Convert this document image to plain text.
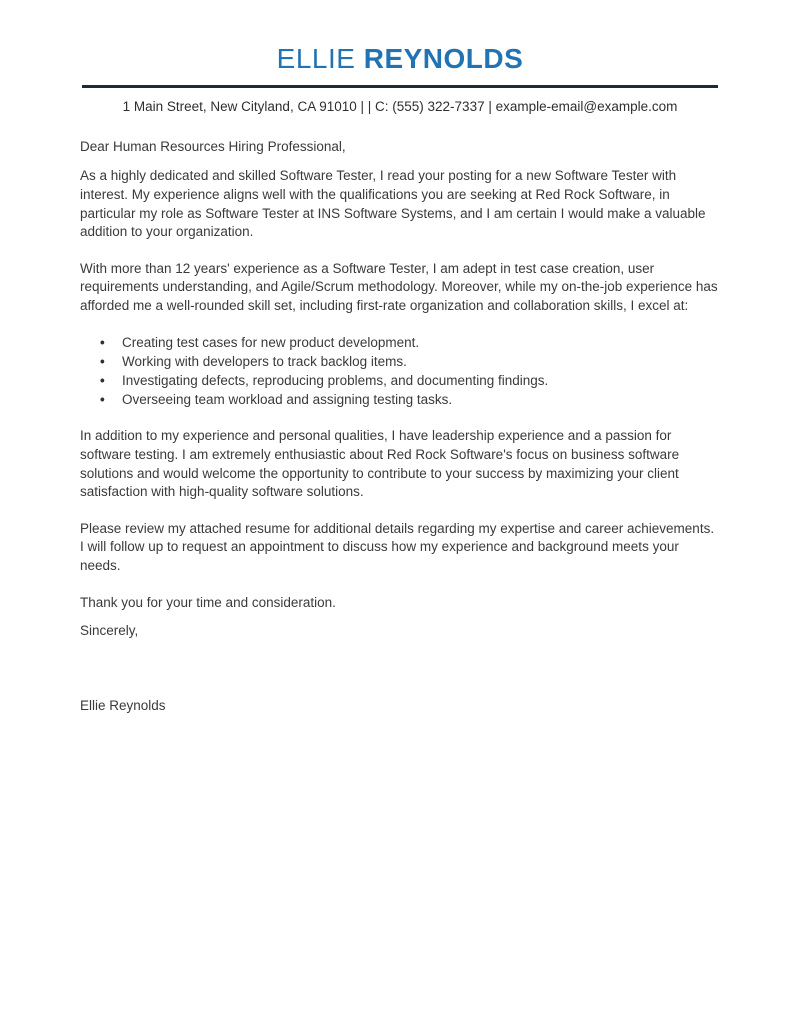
ELLIE REYNOLDS
1 Main Street, New Cityland, CA 91010 | | C: (555) 322-7337 | example-email@example.com

Dear Human Resources Hiring Professional,

As a highly dedicated and skilled Software Tester, I read your posting for a new Software Tester with interest. My experience aligns well with the qualifications you are seeking at Red Rock Software, in particular my role as Software Tester at INS Software Systems, and I am certain I would make a valuable addition to your organization.

With more than 12 years' experience as a Software Tester, I am adept in test case creation, user requirements understanding, and Agile/Scrum methodology. Moreover, while my on-the-job experience has afforded me a well-rounded skill set, including first-rate organization and collaboration skills, I excel at:

• Creating test cases for new product development.
• Working with developers to track backlog items.
• Investigating defects, reproducing problems, and documenting findings.
• Overseeing team workload and assigning testing tasks.

In addition to my experience and personal qualities, I have leadership experience and a passion for software testing. I am extremely enthusiastic about Red Rock Software's focus on business software solutions and would welcome the opportunity to contribute to your success by maximizing your client satisfaction with high-quality software solutions.

Please review my attached resume for additional details regarding my expertise and career achievements. I will follow up to request an appointment to discuss how my experience and background meets your needs.

Thank you for your time and consideration.

Sincerely,

Ellie Reynolds
